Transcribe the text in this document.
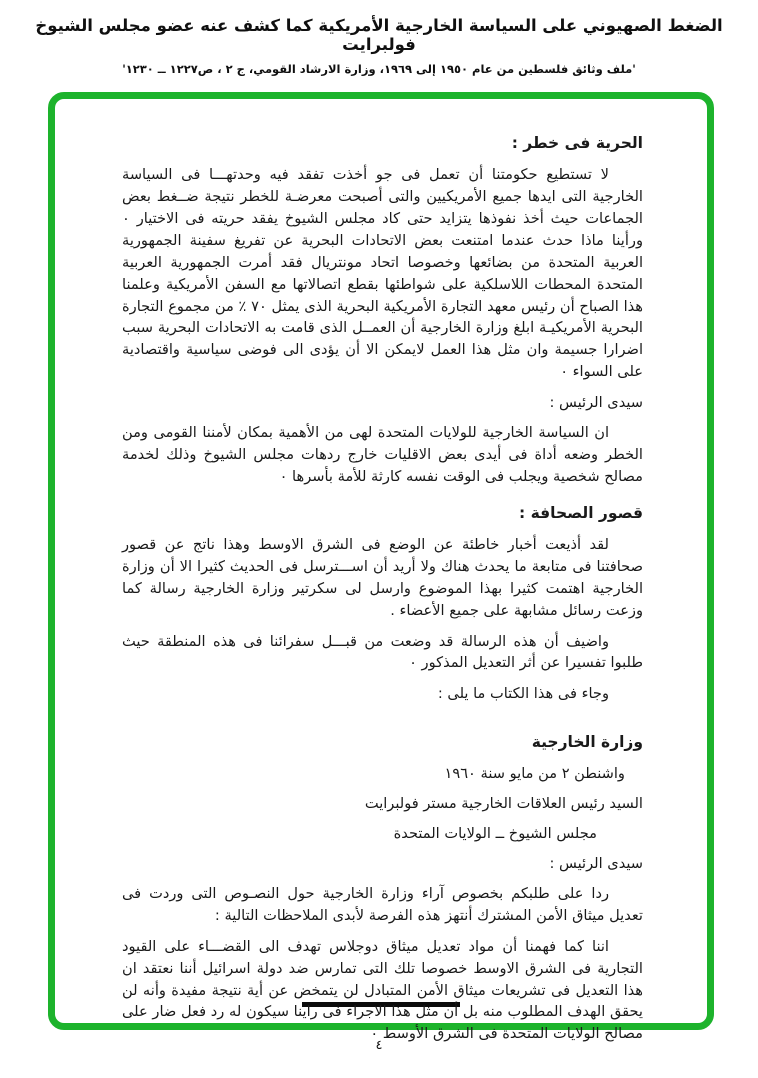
الضغط الصهيوني على السياسة الخارجية الأمريكية كما كشف عنه عضو مجلس الشيوخ فولبرايت
'ملف وثائق فلسطين من عام ١٩٥٠ إلى ١٩٦٩، وزارة الارشاد القومي، ج ٢ ، ص١٢٢٧ ــ ١٢٣٠'
الحرية فى خطر :
لا تستطيع حكومتنا أن تعمل فى جو أخذت تفقد فيه وحدتهـــا فى السياسة الخارجية التى ايدها جميع الأمريكيين والتى أصبحت معرضـة للخطر نتيجة ضــغط بعض الجماعات حيث أخذ نفوذها يتزايد حتى كاد مجلس الشيوخ يفقد حريته فى الاختيار ٠ ورأينا ماذا حدث عندما امتنعت بعض الاتحادات البحرية عن تفريغ سفينة الجمهورية العربية المتحدة من بضائعها وخصوصا اتحاد مونتريال فقد أمرت الجمهورية العربية المتحدة المحطات اللاسلكية على شواطئها بقطع اتصالاتها مع السفن الأمريكية وعلمنا هذا الصباح أن رئيس معهد التجارة الأمريكية البحرية الذى يمثل ٧٠ ٪ من مجموع التجارة البحرية الأمريكيـة ابلغ وزارة الخارجية أن العمــل الذى قامت به الاتحادات البحرية سبب اضرارا جسيمة وان مثل هذا العمل لايمكن الا أن يؤدى الى فوضى سياسية واقتصادية على السواء ٠
سيدى الرئيس :
ان السياسة الخارجية للولايات المتحدة لهى من الأهمية بمكان لأمننا القومى ومن الخطر وضعه أداة فى أيدى بعض الاقليات خارج ردهات مجلس الشيوخ وذلك لخدمة مصالح شخصية ويجلب فى الوقت نفسه كارثة للأمة بأسرها ٠
قصور الصحافة :
لقد أذيعت أخبار خاطئة عن الوضع فى الشرق الاوسط وهذا ناتج عن قصور صحافتنا فى متابعة ما يحدث هناك ولا أريد أن اســـترسل فى الحديث كثيرا الا أن وزارة الخارجية اهتمت كثيرا بهذا الموضوع وارسل لى سكرتير وزارة الخارجية رسالة كما وزعت رسائل مشابهة على جميع الأعضاء .
واضيف أن هذه الرسالة قد وضعت من قبـــل سفرائنا فى هذه المنطقة حيث طلبوا تفسيرا عن أثر التعديل المذكور ٠
وجاء فى هذا الكتاب ما يلى :
وزارة الخارجية
واشنطن ٢ من مايو سنة ١٩٦٠
السيد رئيس العلاقات الخارجية مستر فولبرايت
مجلس الشيوخ ــ الولايات المتحدة
سيدى الرئيس :
ردا على طلبكم بخصوص آراء وزارة الخارجية حول النصـوص التى وردت فى تعديل ميثاق الأمن المشترك أنتهز هذه الفرصة لأبدى الملاحظات التالية :
اننا كما فهمنا أن مواد تعديل ميثاق دوجلاس تهدف الى القضـــاء على القيود التجارية فى الشرق الاوسط خصوصا تلك التى تمارس ضد دولة اسرائيل أننا نعتقد ان هذا التعديل فى تشريعات ميثاق الأمن المتبادل لن يتمخض عن أية نتيجة مفيدة وأنه لن يحقق الهدف المطلوب منه بل أن مثل هذا الاجراء فى راينا سيكون له رد فعل ضار على مصالح الولايات المتحدة فى الشرق الأوسط ٠
٤
